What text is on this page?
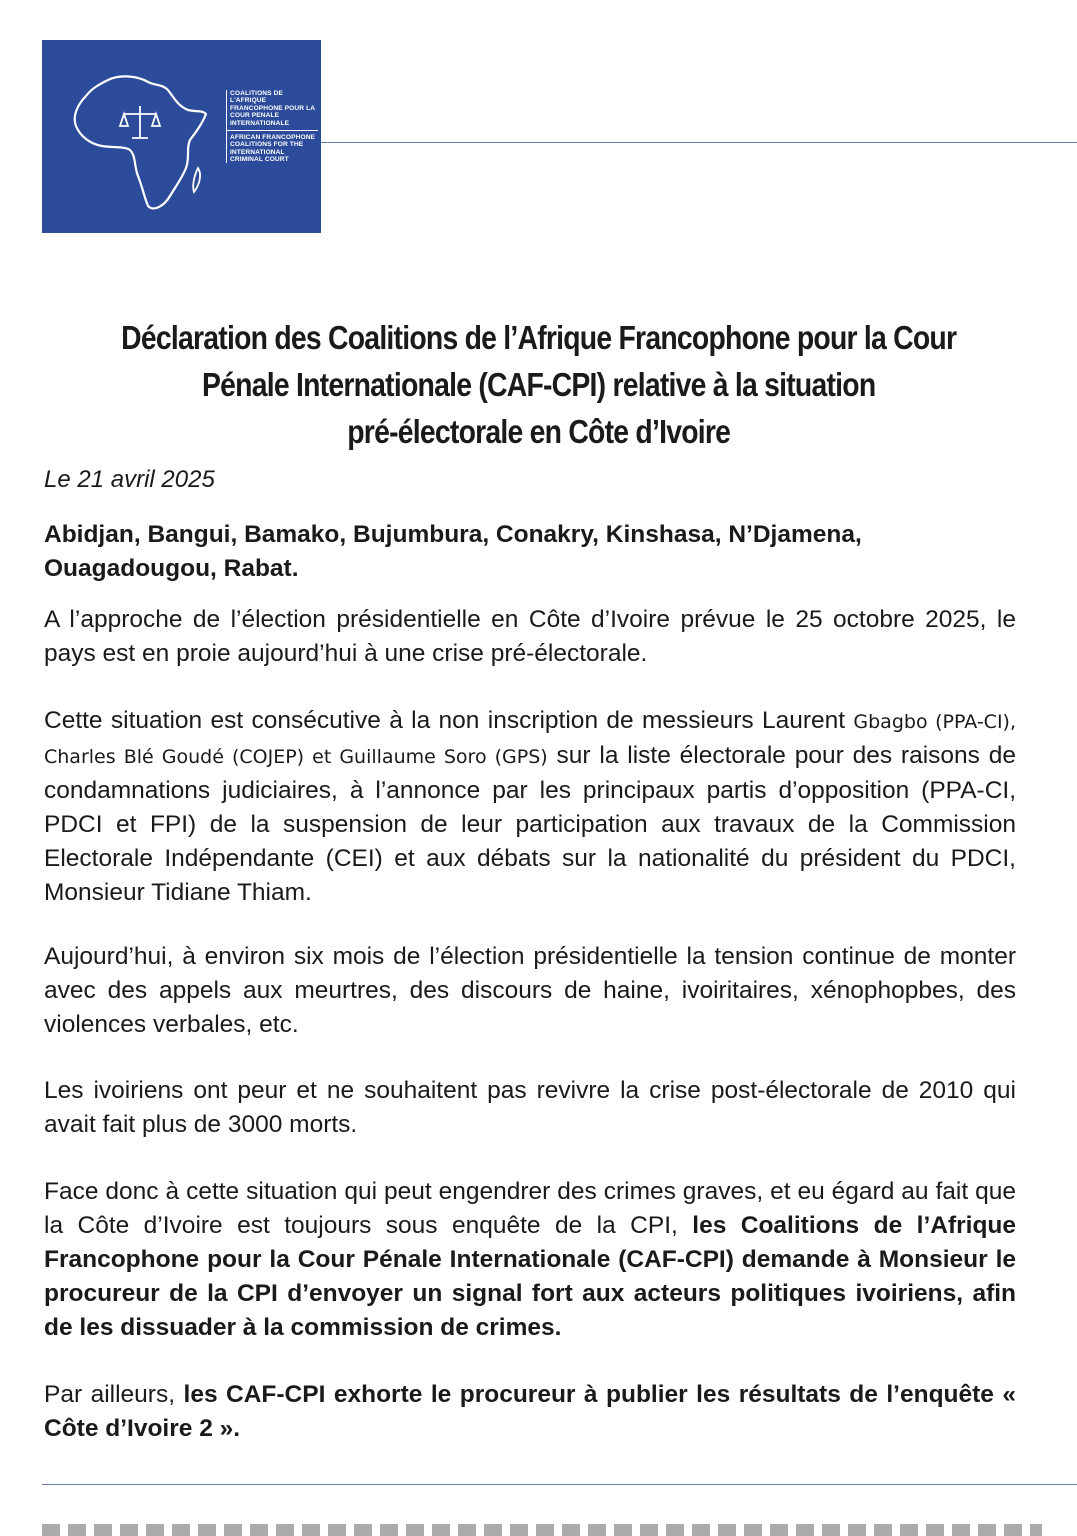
COALITIONS DE L'AFRIQUE FRANCOPHONE POUR LA COUR PENALE INTERNATIONALE
AFRICAN FRANCOPHONE COALITIONS FOR THE INTERNATIONAL CRIMINAL COURT
Déclaration des Coalitions de l’Afrique Francophone pour la Cour
Pénale Internationale (CAF-CPI) relative à la situation
pré-électorale en Côte d’Ivoire
Le 21 avril 2025
Abidjan, Bangui, Bamako, Bujumbura, Conakry, Kinshasa, N’Djamena,
Ouagadougou, Rabat.
A l’approche de l’élection présidentielle en Côte d’Ivoire prévue le 25 octobre 2025, le pays est en proie aujourd’hui à une crise pré-électorale.
Cette situation est consécutive à la non inscription de messieurs Laurent Gbagbo (PPA-CI), Charles Blé Goudé (COJEP) et Guillaume Soro (GPS) sur la liste électorale pour des raisons de condamnations judiciaires, à l’annonce par les principaux partis d’opposition (PPA-CI, PDCI et FPI) de la suspension de leur participation aux travaux de la Commission Electorale Indépendante (CEI) et aux débats sur la nationalité du président du PDCI, Monsieur Tidiane Thiam.
Aujourd’hui, à environ six mois de l’élection présidentielle la tension continue de monter avec des appels aux meurtres, des discours de haine, ivoiritaires, xénophopbes, des violences verbales, etc.
Les ivoiriens ont peur et ne souhaitent pas revivre la crise post-électorale de 2010 qui avait fait plus de 3000 morts.
Face donc à cette situation qui peut engendrer des crimes graves, et eu égard au fait que la Côte d’Ivoire est toujours sous enquête de la CPI, les Coalitions de l’Afrique Francophone pour la Cour Pénale Internationale (CAF-CPI) demande à Monsieur le procureur de la CPI d’envoyer un signal fort aux acteurs politiques ivoiriens, afin de les dissuader à la commission de crimes.
Par ailleurs, les CAF-CPI exhorte le procureur à publier les résultats de l’enquête « Côte d’Ivoire 2 ».
